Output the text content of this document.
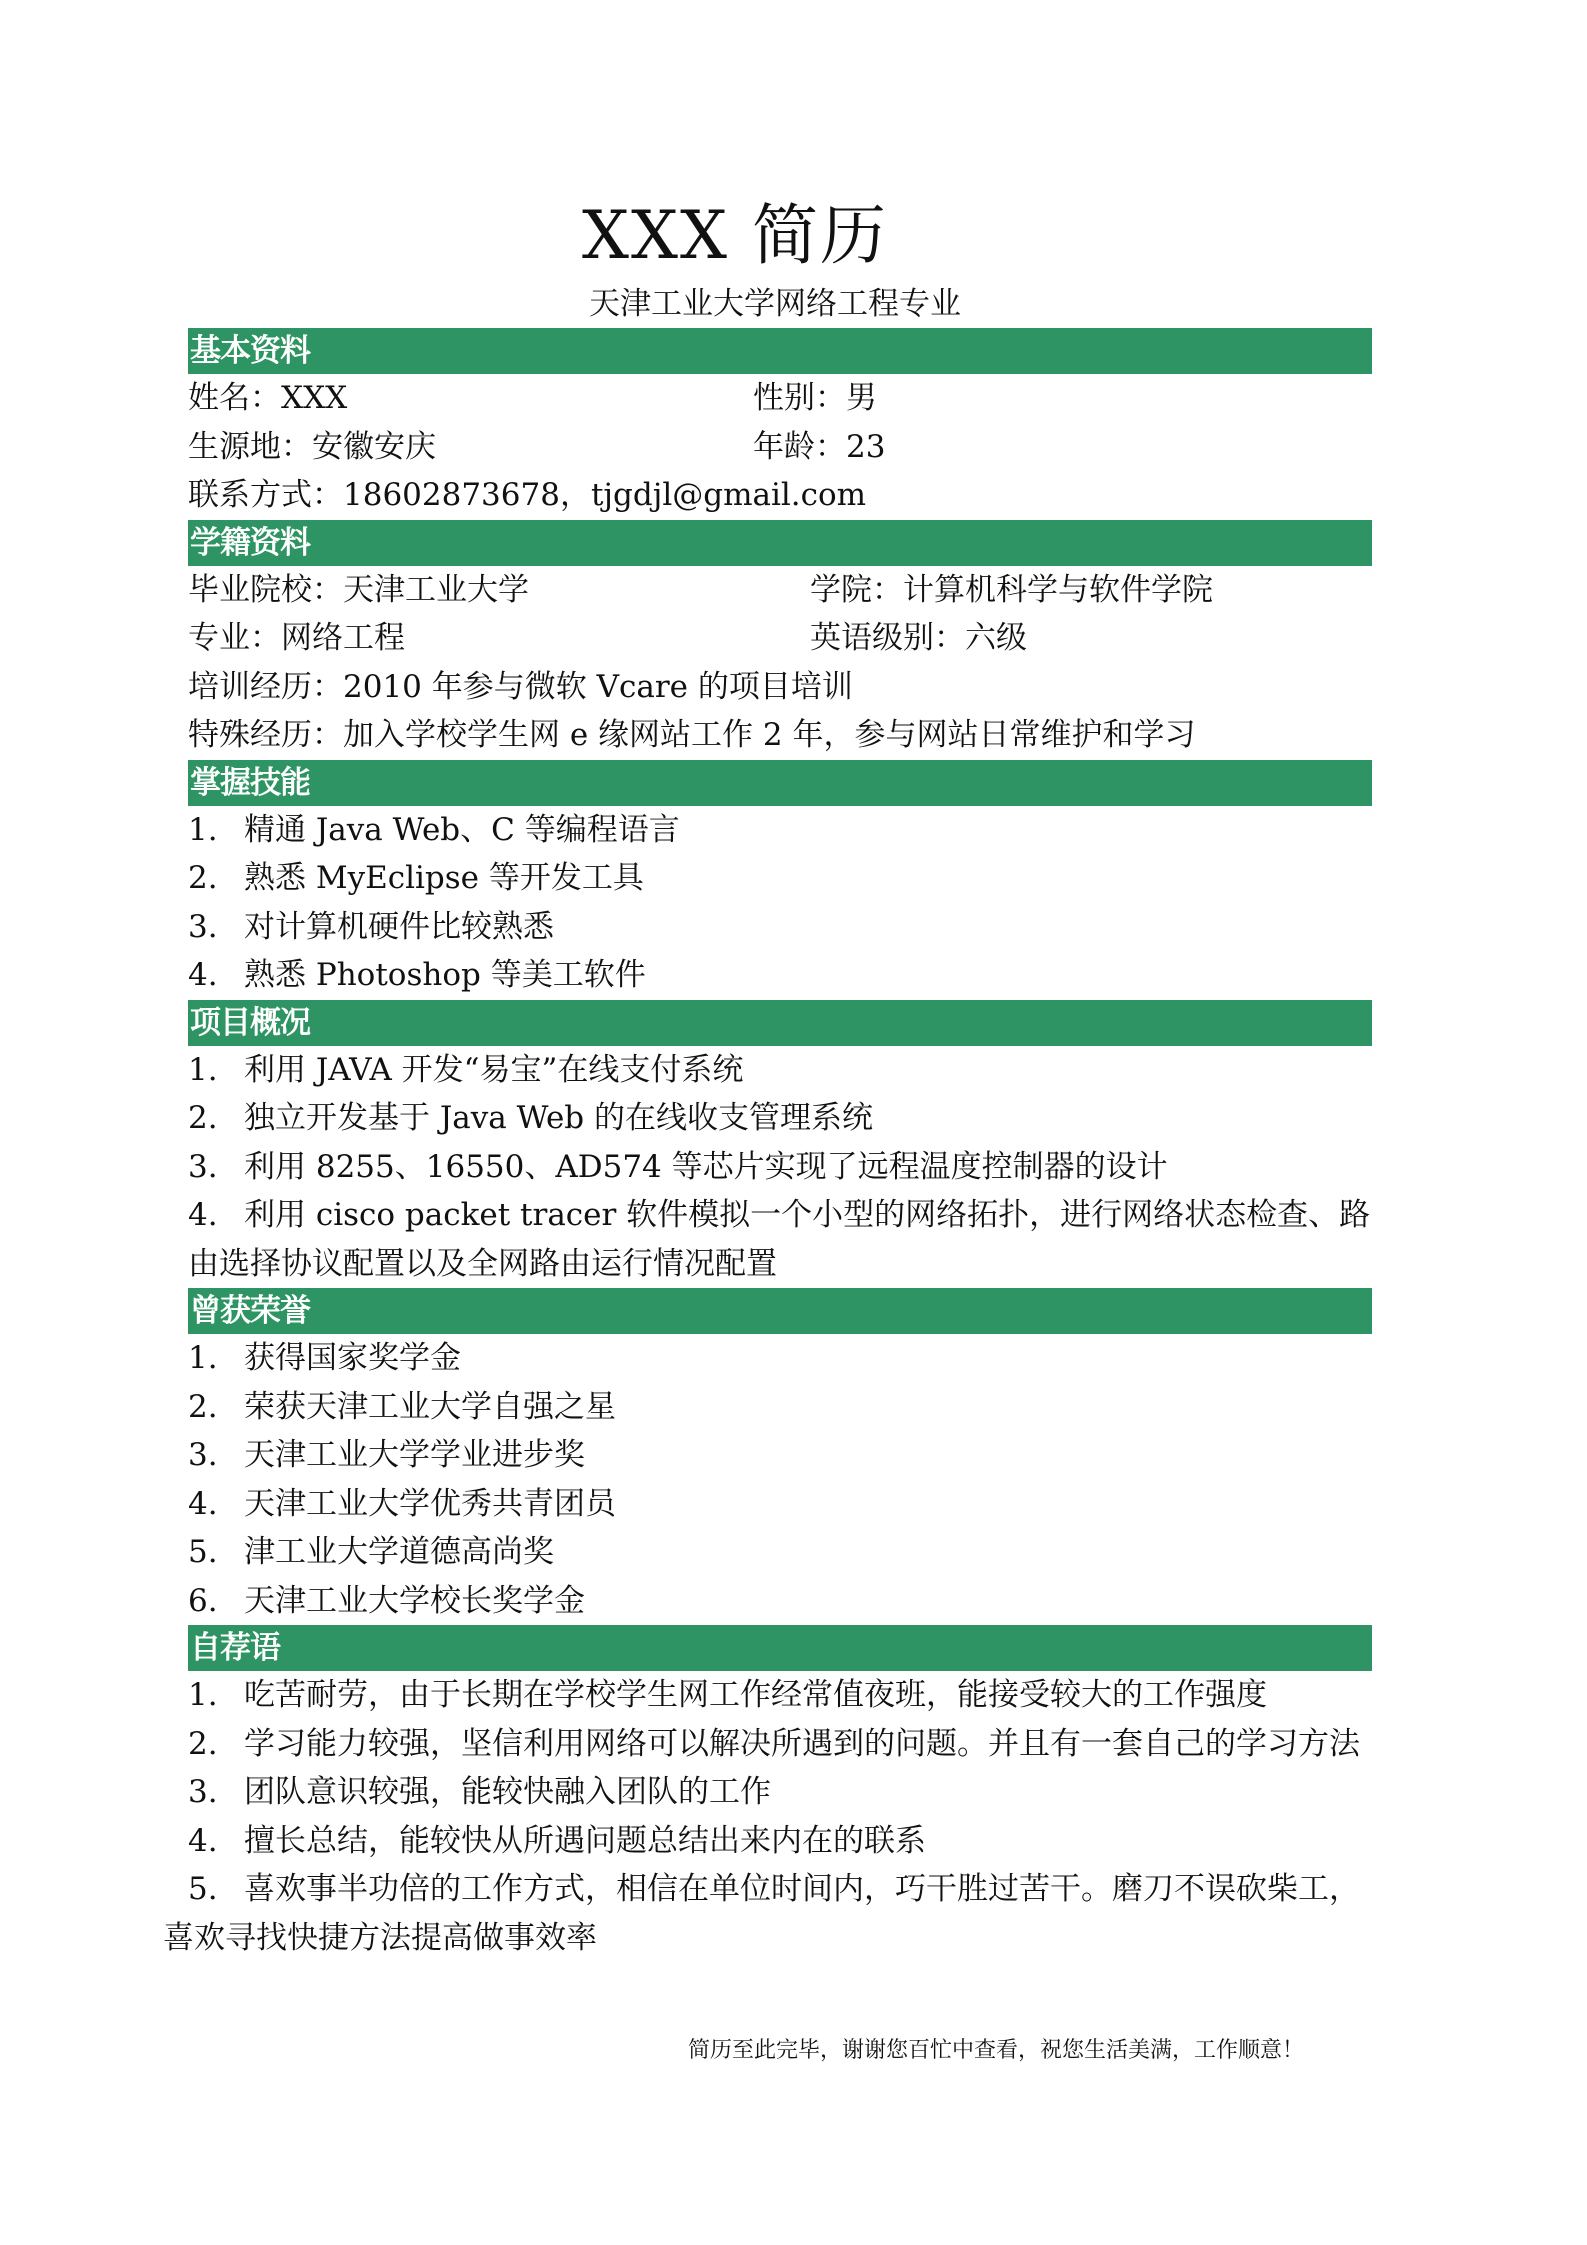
XXX 简历
天津工业大学网络工程专业
基本资料
姓名：XXX	性别：男
生源地：安徽安庆	年龄：23
联系方式：18602873678，tjgdjl@gmail.com
学籍资料
毕业院校：天津工业大学	学院：计算机科学与软件学院
专业：网络工程	英语级别：六级
培训经历：2010 年参与微软 Vcare 的项目培训
特殊经历：加入学校学生网 e 缘网站工作 2 年，参与网站日常维护和学习
掌握技能
1. 精通 Java Web、C 等编程语言
2. 熟悉 MyEclipse 等开发工具
3. 对计算机硬件比较熟悉
4. 熟悉 Photoshop 等美工软件
项目概况
1. 利用 JAVA 开发“易宝”在线支付系统
2. 独立开发基于 Java Web 的在线收支管理系统
3. 利用 8255、16550、AD574 等芯片实现了远程温度控制器的设计
4. 利用 cisco packet tracer 软件模拟一个小型的网络拓扑，进行网络状态检查、路由选择协议配置以及全网路由运行情况配置
曾获荣誉
1. 获得国家奖学金
2. 荣获天津工业大学自强之星
3. 天津工业大学学业进步奖
4. 天津工业大学优秀共青团员
5. 津工业大学道德高尚奖
6. 天津工业大学校长奖学金
自荐语
1. 吃苦耐劳，由于长期在学校学生网工作经常值夜班，能接受较大的工作强度
2. 学习能力较强，坚信利用网络可以解决所遇到的问题。并且有一套自己的学习方法
3. 团队意识较强，能较快融入团队的工作
4. 擅长总结，能较快从所遇问题总结出来内在的联系
5. 喜欢事半功倍的工作方式，相信在单位时间内，巧干胜过苦干。磨刀不误砍柴工，喜欢寻找快捷方法提高做事效率
简历至此完毕，谢谢您百忙中查看，祝您生活美满，工作顺意！
